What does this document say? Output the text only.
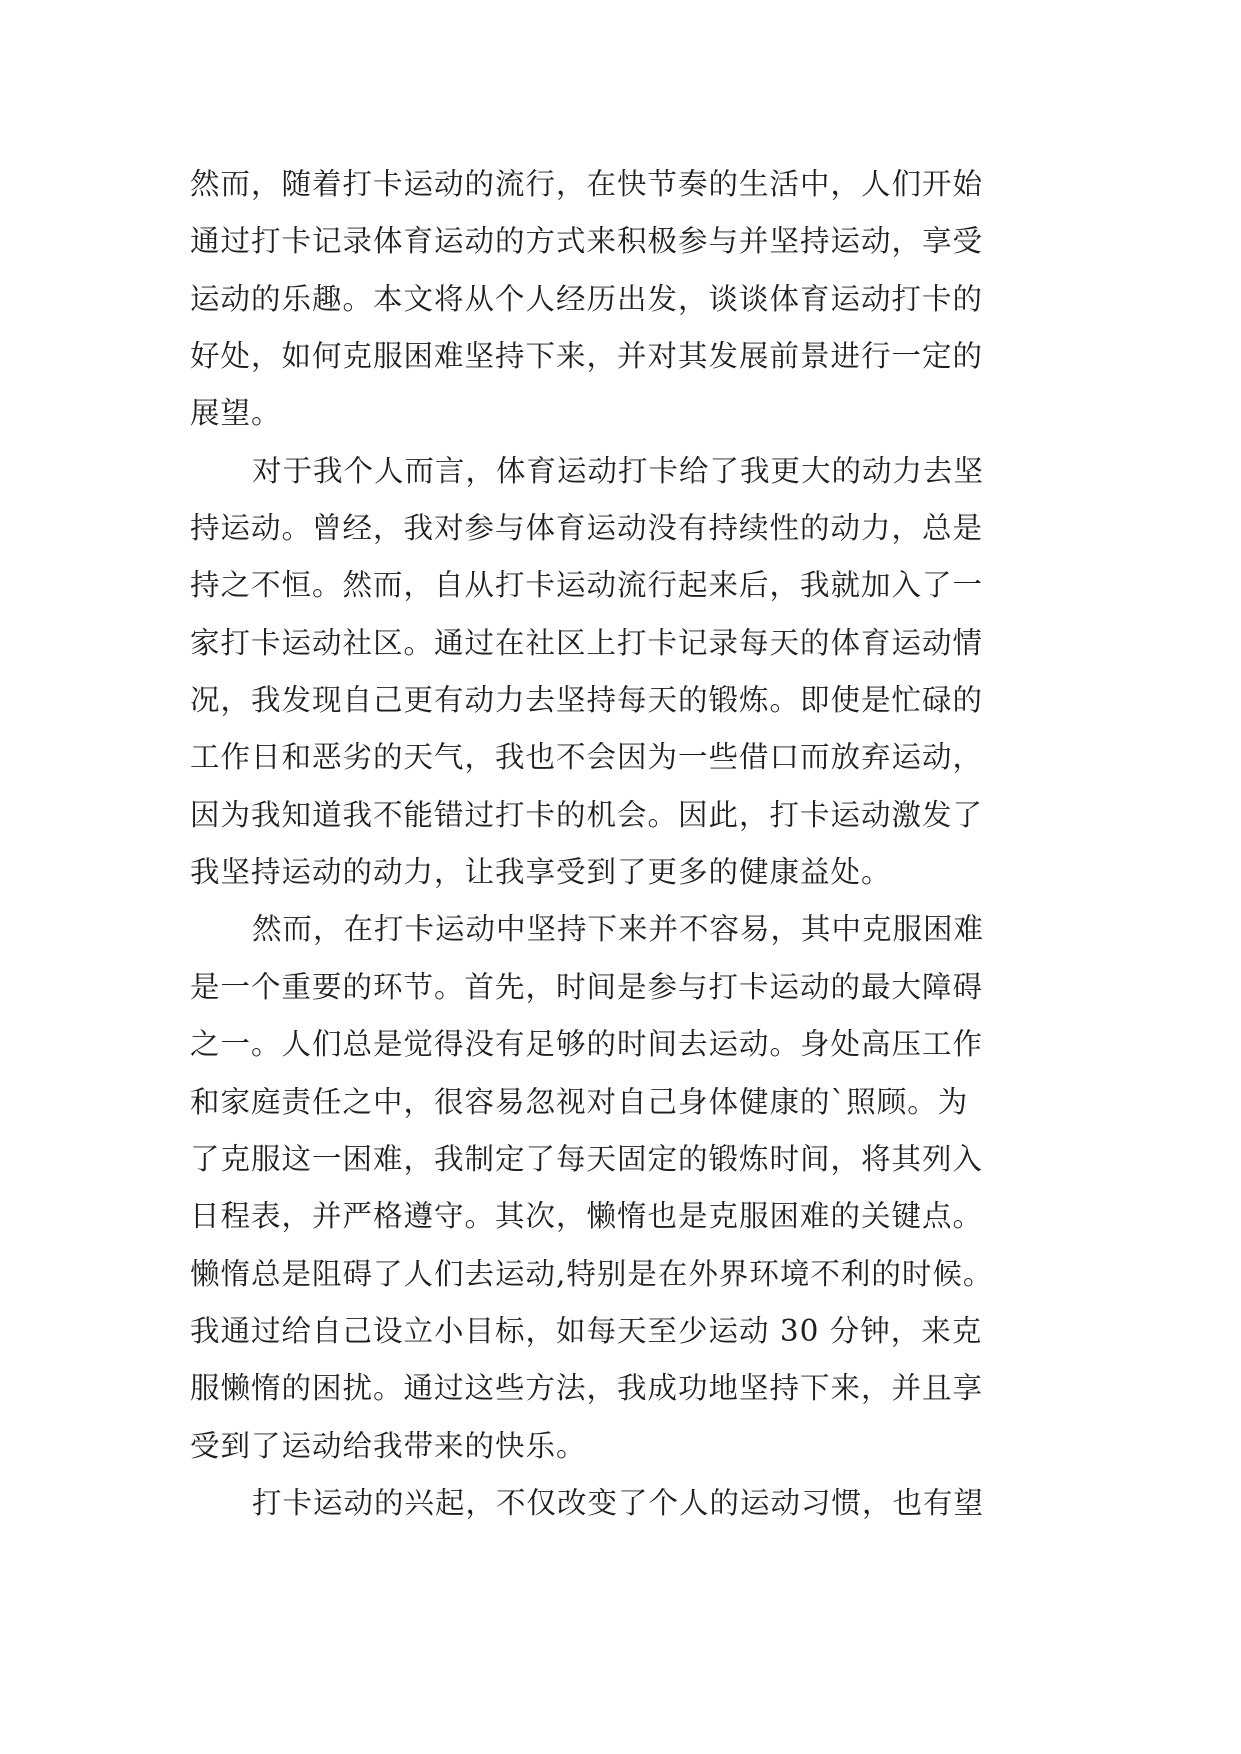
然而，随着打卡运动的流行，在快节奏的生活中，人们开始
通过打卡记录体育运动的方式来积极参与并坚持运动，享受
运动的乐趣。本文将从个人经历出发，谈谈体育运动打卡的
好处，如何克服困难坚持下来，并对其发展前景进行一定的
展望。

对于我个人而言，体育运动打卡给了我更大的动力去坚
持运动。曾经，我对参与体育运动没有持续性的动力，总是
持之不恒。然而，自从打卡运动流行起来后，我就加入了一
家打卡运动社区。通过在社区上打卡记录每天的体育运动情
况，我发现自己更有动力去坚持每天的锻炼。即使是忙碌的
工作日和恶劣的天气，我也不会因为一些借口而放弃运动，
因为我知道我不能错过打卡的机会。因此，打卡运动激发了
我坚持运动的动力，让我享受到了更多的健康益处。

然而，在打卡运动中坚持下来并不容易，其中克服困难
是一个重要的环节。首先，时间是参与打卡运动的最大障碍
之一。人们总是觉得没有足够的时间去运动。身处高压工作
和家庭责任之中，很容易忽视对自己身体健康的`照顾。为
了克服这一困难，我制定了每天固定的锻炼时间，将其列入
日程表，并严格遵守。其次，懒惰也是克服困难的关键点。
懒惰总是阻碍了人们去运动,特别是在外界环境不利的时候。
我通过给自己设立小目标，如每天至少运动 30 分钟，来克
服懒惰的困扰。通过这些方法，我成功地坚持下来，并且享
受到了运动给我带来的快乐。

打卡运动的兴起，不仅改变了个人的运动习惯，也有望
